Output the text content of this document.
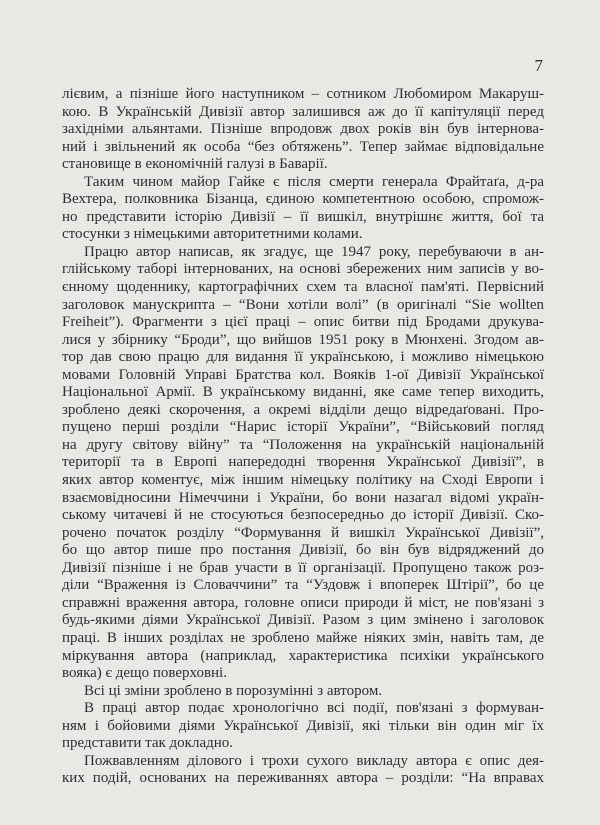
7
лієвим, а пізніше його наступником – сотником Любомиром Макаруш-
кою. В Українській Дивізії автор залишився аж до її капітуляції перед
західніми альянтами. Пізніше впродовж двох років він був інтернова-
ний і звільнений як особа “без обтяжень”. Тепер займає відповідальне
становище в економічній галузі в Баварії.
Таким чином майор Гайке є після смерти генерала Фрайтаґа, д-ра
Вехтера, полковника Бізанца, єдиною компетентною особою, спромож-
но представити історію Дивізії – її вишкіл, внутрішнє життя, бої та
стосунки з німецькими авторитетними колами.
Працю автор написав, як згадує, ще 1947 року, перебуваючи в ан-
глійському таборі інтернованих, на основі збережених ним записів у во-
єнному щоденнику, картографічних схем та власної пам'яті. Первісний
заголовок манускрипта – “Вони хотіли волі” (в оригіналі “Sie wollten
Freiheit”). Фрагменти з цієї праці – опис битви під Бродами друкува-
лися у збірнику “Броди”, що вийшов 1951 року в Мюнхені. Згодом ав-
тор дав свою працю для видання її українською, і можливо німецькою
мовами Головній Управі Братства кол. Вояків 1-ої Дивізії Української
Національної Армії. В українському виданні, яке саме тепер виходить,
зроблено деякі скорочення, а окремі відділи дещо відредаґовані. Про-
пущено перші розділи “Нарис історії України”, “Військовий погляд
на другу світову війну” та “Положення на українській національній
території та в Европі напередодні творення Української Дивізії”, в
яких автор коментує, між іншим німецьку політику на Сході Европи і
взаємовідносини Німеччини і України, бо вони назагал відомі україн-
ському читачеві й не стосуються безпосередньо до історії Дивізії. Ско-
рочено початок розділу “Формування й вишкіл Української Дивізії”,
бо що автор пише про постання Дивізії, бо він був відряджений до
Дивізії пізніше і не брав участи в її організації. Пропущено також роз-
діли “Враження із Словаччини” та “Уздовж і впоперек Штірії”, бо це
справжні враження автора, головне описи природи й міст, не пов'язані з
будь-якими діями Української Дивізії. Разом з цим змінено і заголовок
праці. В інших розділах не зроблено майже ніяких змін, навіть там, де
міркування автора (наприклад, характеристика психіки українського
вояка) є дещо поверховні.
Всі ці зміни зроблено в порозумінні з автором.
В праці автор подає хронологічно всі події, пов'язані з формуван-
ням і бойовими діями Української Дивізії, які тільки він один міг їх
представити так докладно.
Пожвавленням ділового і трохи сухого викладу автора є опис дея-
ких подій, основаних на переживаннях автора – розділи: “На вправах
